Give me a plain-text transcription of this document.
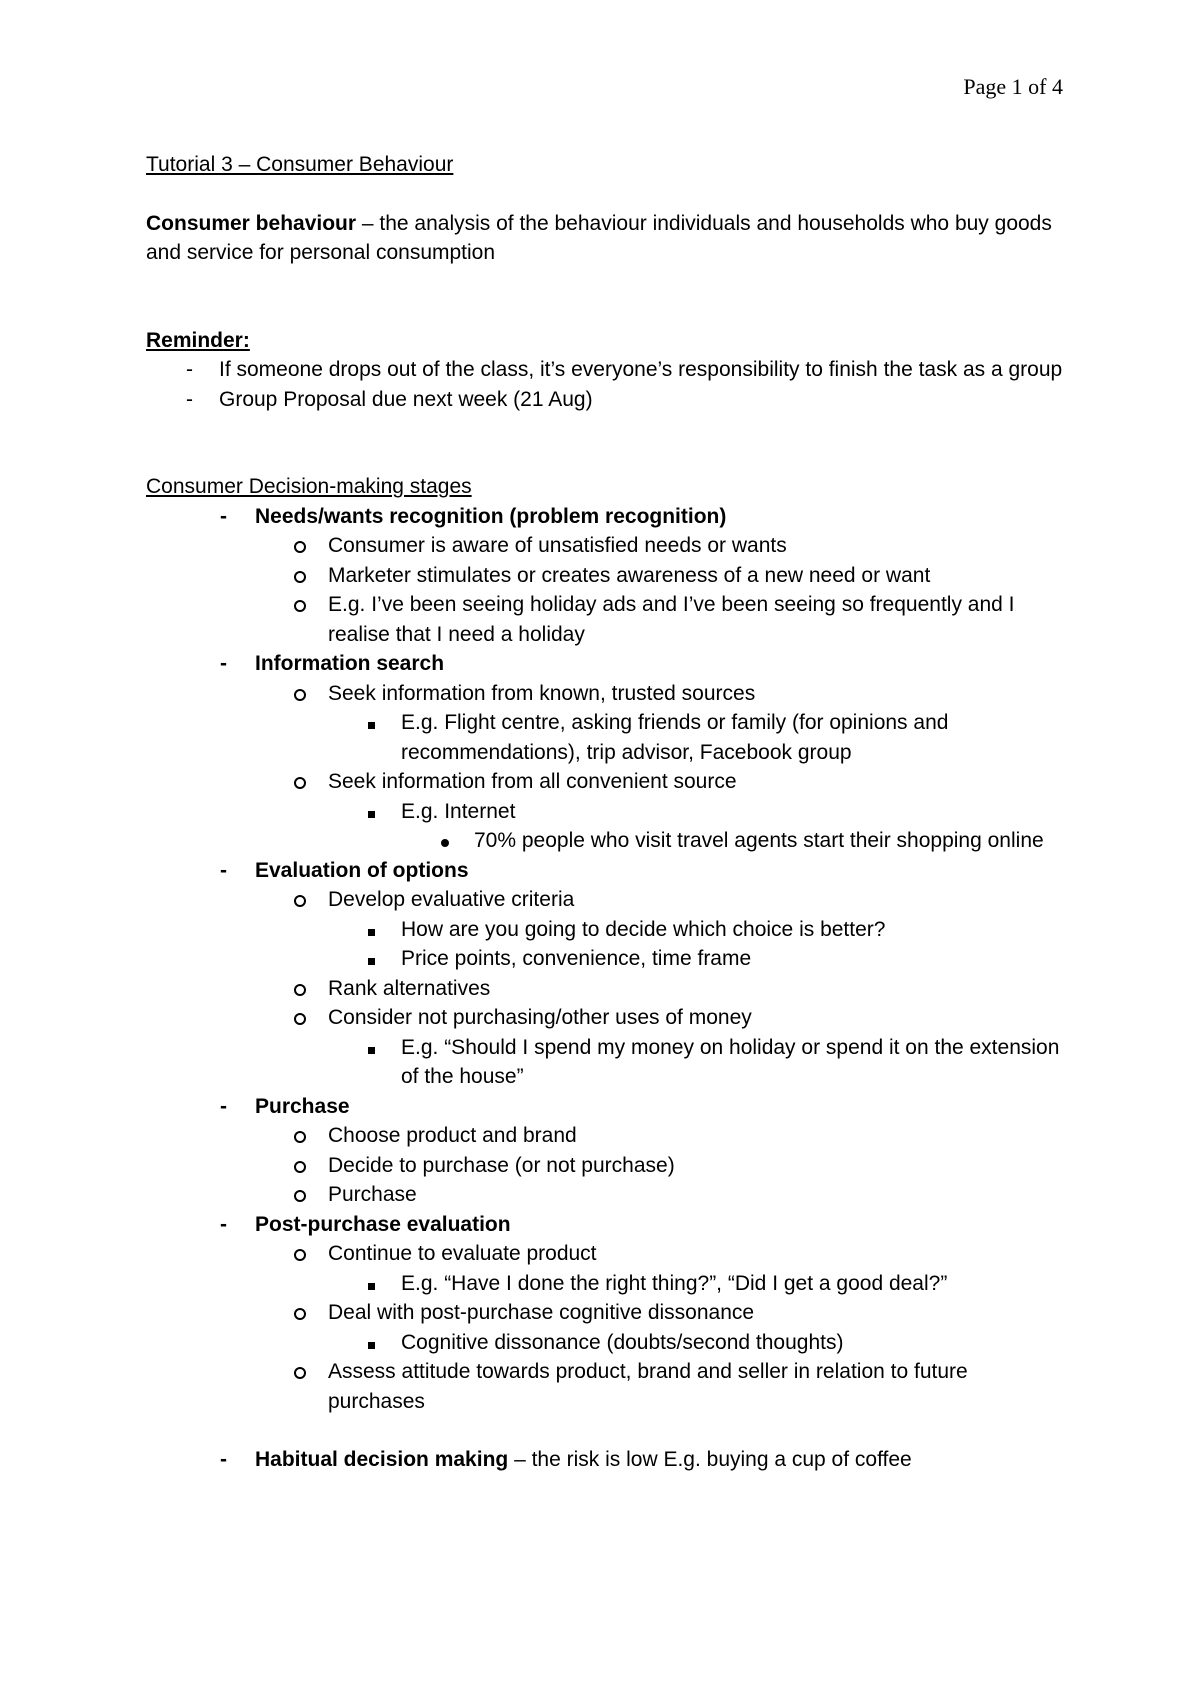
Page 1 of 4
Tutorial 3 – Consumer Behaviour

Consumer behaviour – the analysis of the behaviour individuals and households who buy goods and service for personal consumption

Reminder:
- If someone drops out of the class, it’s everyone’s responsibility to finish the task as a group
- Group Proposal due next week (21 Aug)
Consumer Decision-making stages
- Needs/wants recognition (problem recognition)
Consumer is aware of unsatisfied needs or wants
Marketer stimulates or creates awareness of a new need or want
E.g. I’ve been seeing holiday ads and I’ve been seeing so frequently and I realise that I need a holiday
- Information search
Seek information from known, trusted sources
E.g. Flight centre, asking friends or family (for opinions and recommendations), trip advisor, Facebook group
Seek information from all convenient source
E.g. Internet
70% people who visit travel agents start their shopping online
- Evaluation of options
Develop evaluative criteria
How are you going to decide which choice is better?
Price points, convenience, time frame
Rank alternatives
Consider not purchasing/other uses of money
E.g. “Should I spend my money on holiday or spend it on the extension of the house”
- Purchase
Choose product and brand
Decide to purchase (or not purchase)
Purchase
- Post-purchase evaluation
Continue to evaluate product
E.g. “Have I done the right thing?”, “Did I get a good deal?”
Deal with post-purchase cognitive dissonance
Cognitive dissonance (doubts/second thoughts)
Assess attitude towards product, brand and seller in relation to future purchases
- Habitual decision making – the risk is low E.g. buying a cup of coffee
